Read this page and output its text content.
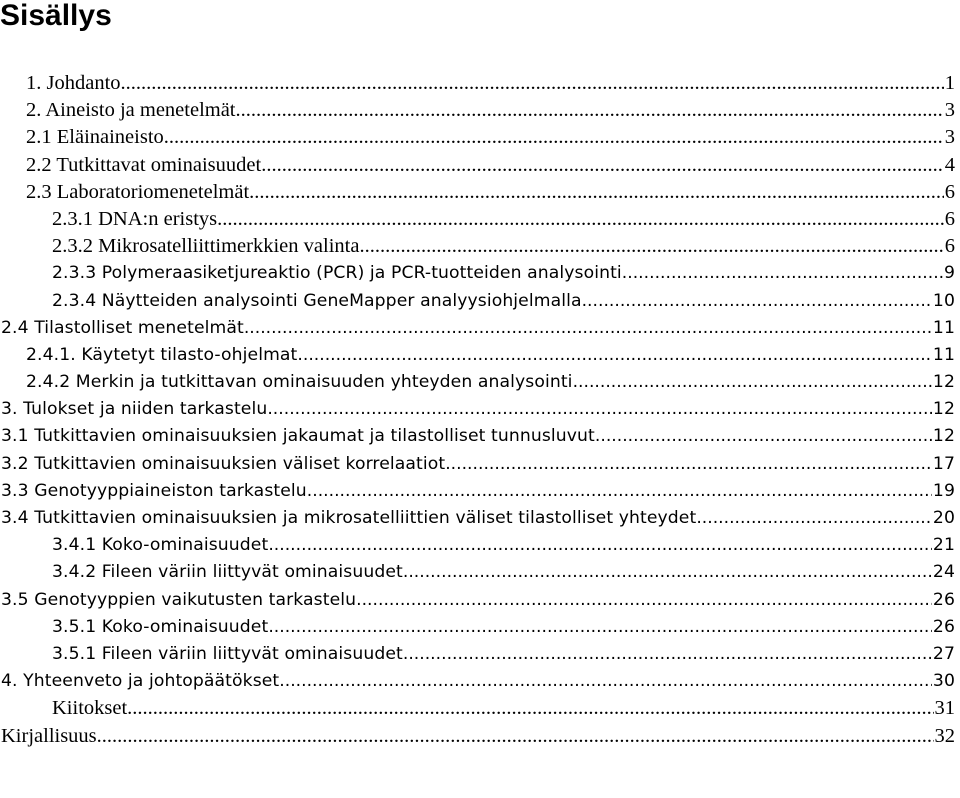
Sisällys
1. Johdanto .....	1
2. Aineisto ja menetelmät .....	3
2.1 Eläinaineisto .....	3
2.2 Tutkittavat ominaisuudet .....	4
2.3 Laboratoriomenetelmät .....	6
2.3.1 DNA:n eristys .....	6
2.3.2 Mikrosatelliittimerkkien valinta .....	6
2.3.3 Polymeraasiketjureaktio (PCR) ja PCR-tuotteiden analysointi .....	9
2.3.4 Näytteiden analysointi GeneMapper analyysiohjelmalla .....	10
2.4 Tilastolliset menetelmät .....	11
2.4.1. Käytetyt tilasto-ohjelmat .....	11
2.4.2 Merkin ja tutkittavan ominaisuuden yhteyden analysointi .....	12
3. Tulokset ja niiden tarkastelu .....	12
3.1 Tutkittavien ominaisuuksien jakaumat ja tilastolliset tunnusluvut .....	12
3.2 Tutkittavien ominaisuuksien väliset korrelaatiot .....	17
3.3 Genotyyppiaineiston tarkastelu .....	19
3.4 Tutkittavien ominaisuuksien ja mikrosatelliittien väliset tilastolliset yhteydet .....	20
3.4.1 Koko-ominaisuudet .....	21
3.4.2 Fileen väriin liittyvät ominaisuudet .....	24
3.5 Genotyyppien vaikutusten tarkastelu .....	26
3.5.1 Koko-ominaisuudet .....	26
3.5.1 Fileen väriin liittyvät ominaisuudet .....	27
4. Yhteenveto ja johtopäätökset .....	30
Kiitokset .....	31
Kirjallisuus .....	32
